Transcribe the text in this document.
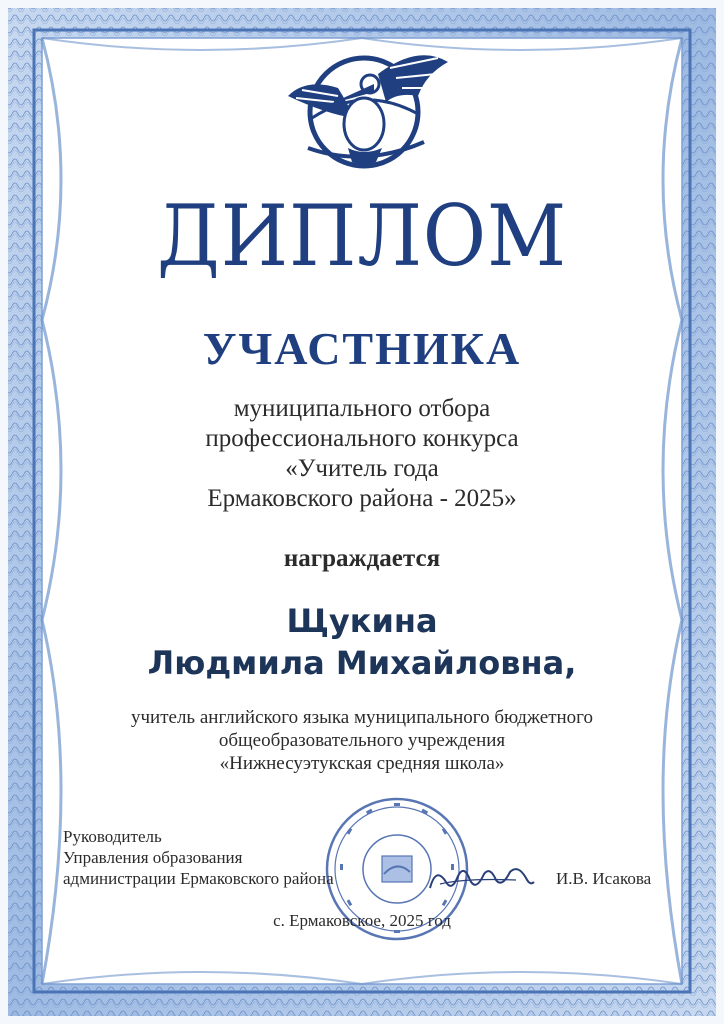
ДИПЛОМ
УЧАСТНИКА
муниципального отбора
профессионального конкурса
«Учитель года
Ермаковского района - 2025»
награждается
Щукина
Людмила Михайловна,
учитель английского языка муниципального бюджетного
общеобразовательного учреждения
«Нижнесуэтукская средняя школа»
Руководитель
Управления образования
администрации Ермаковского района	И.В. Исакова
с. Ермаковское, 2025 год
